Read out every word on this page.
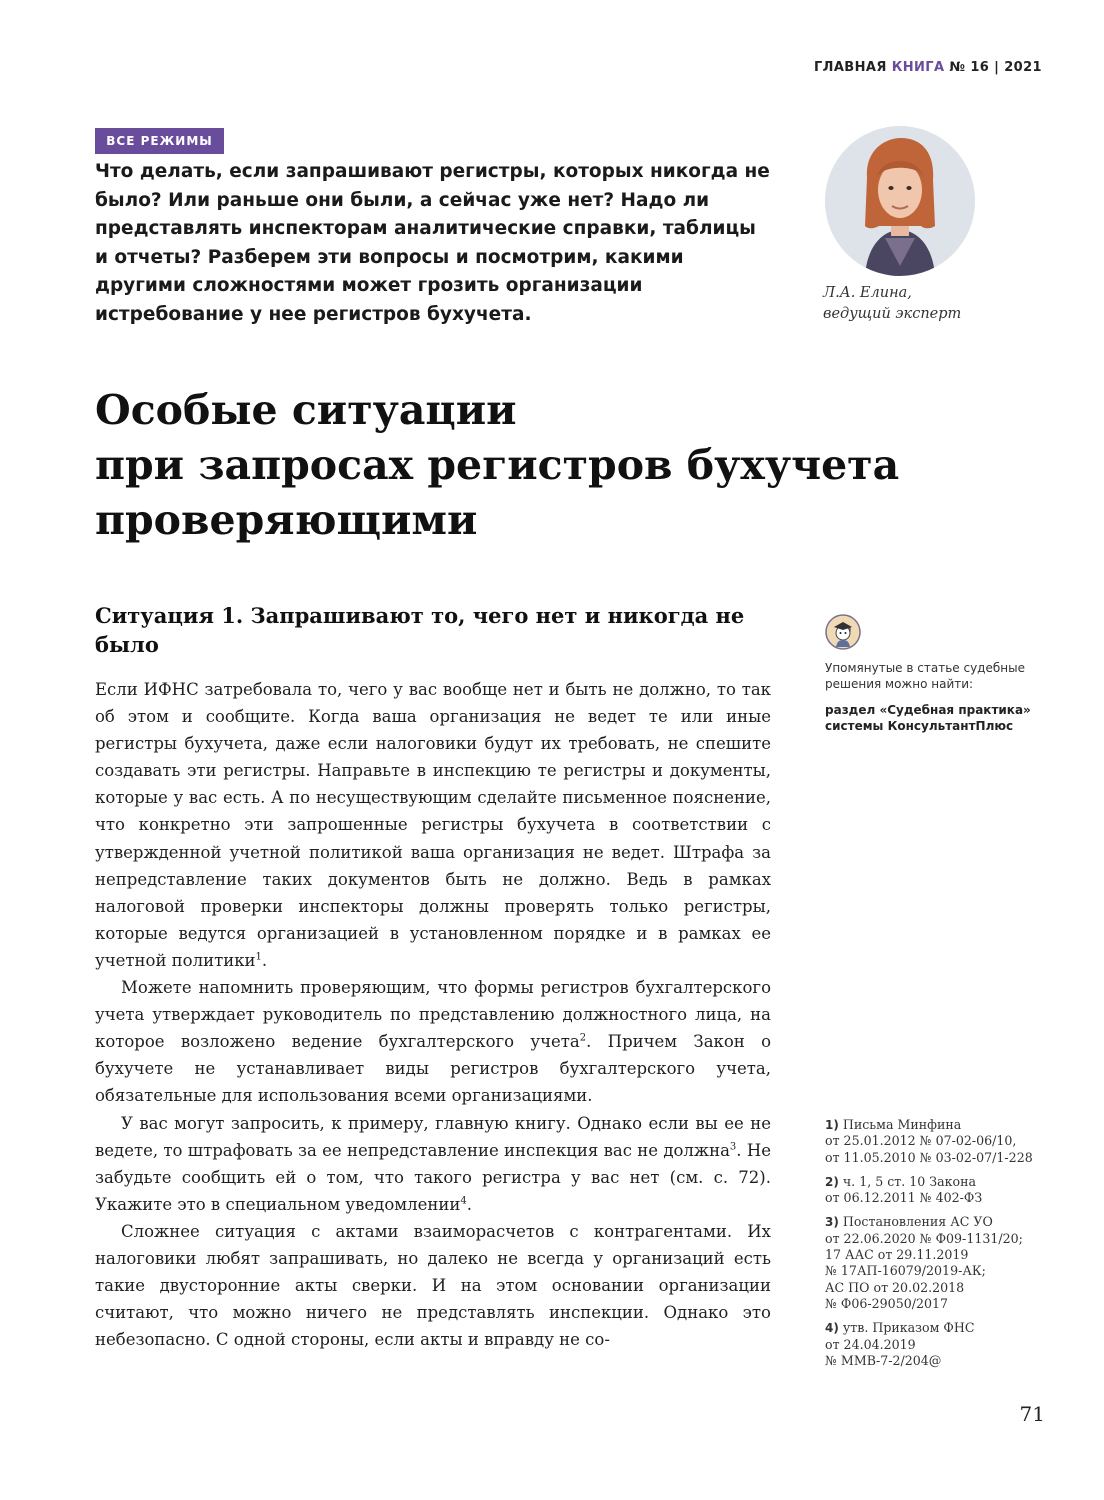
ГЛАВНАЯ КНИГА № 16 | 2021
ВСЕ РЕЖИМЫ

Что делать, если запрашивают регистры, которых никогда не было? Или раньше они были, а сейчас уже нет? Надо ли представлять инспекторам аналитические справки, таблицы и отчеты? Разберем эти вопросы и посмотрим, какими другими сложностями может грозить организации истребование у нее регистров бухучета.

Л.А. Елина,
ведущий эксперт

Особые ситуации
при запросах регистров бухучета
проверяющими
Ситуация 1. Запрашивают то, чего нет и никогда не было

Если ИФНС затребовала то, чего у вас вообще нет и быть не должно, то так об этом и сообщите. Когда ваша организация не ведет те или иные регистры бухучета, даже если налоговики будут их требовать, не спешите создавать эти регистры. Направьте в инспекцию те регистры и документы, которые у вас есть. А по несуществующим сделайте письменное пояснение, что конкретно эти запрошенные регистры бухучета в соответствии с утвержденной учетной политикой ваша организация не ведет. Штрафа за непредставление таких документов быть не должно. Ведь в рамках налоговой проверки инспекторы должны проверять только регистры, которые ведутся организацией в установленном порядке и в рамках ее учетной политики$^1$.

Можете напомнить проверяющим, что формы регистров бухгалтерского учета утверждает руководитель по представлению должностного лица, на которое возложено ведение бухгалтерского учета$^2$. Причем Закон о бухучете не устанавливает виды регистров бухгалтерского учета, обязательные для использования всеми организациями.

У вас могут запросить, к примеру, главную книгу. Однако если вы ее не ведете, то штрафовать за ее непредставление инспекция вас не должна$^3$. Не забудьте сообщить ей о том, что такого регистра у вас нет (см. с. 72). Укажите это в специальном уведомлении$^4$.

Сложнее ситуация с актами взаиморасчетов с контрагентами. Их налоговики любят запрашивать, но далеко не всегда у организаций есть такие двусторонние акты сверки. И на этом основании организации считают, что можно ничего не представлять инспекции. Однако это небезопасно. С одной стороны, если акты и вправду не со-

Упомянутые в статье судебные решения можно найти:

раздел «Судебная практика» системы КонсультантПлюс

1) Письма Минфина
от 25.01.2012 № 07-02-06/10,
от 11.05.2010 № 03-02-07/1-228
2) ч. 1, 5 ст. 10 Закона
от 06.12.2011 № 402-ФЗ
3) Постановления АС УО
от 22.06.2020 № Ф09-1131/20;
17 ААС от 29.11.2019
№ 17АП-16079/2019-АК;
АС ПО от 20.02.2018
№ Ф06-29050/2017
4) утв. Приказом ФНС
от 24.04.2019
№ ММВ-7-2/204@
71
